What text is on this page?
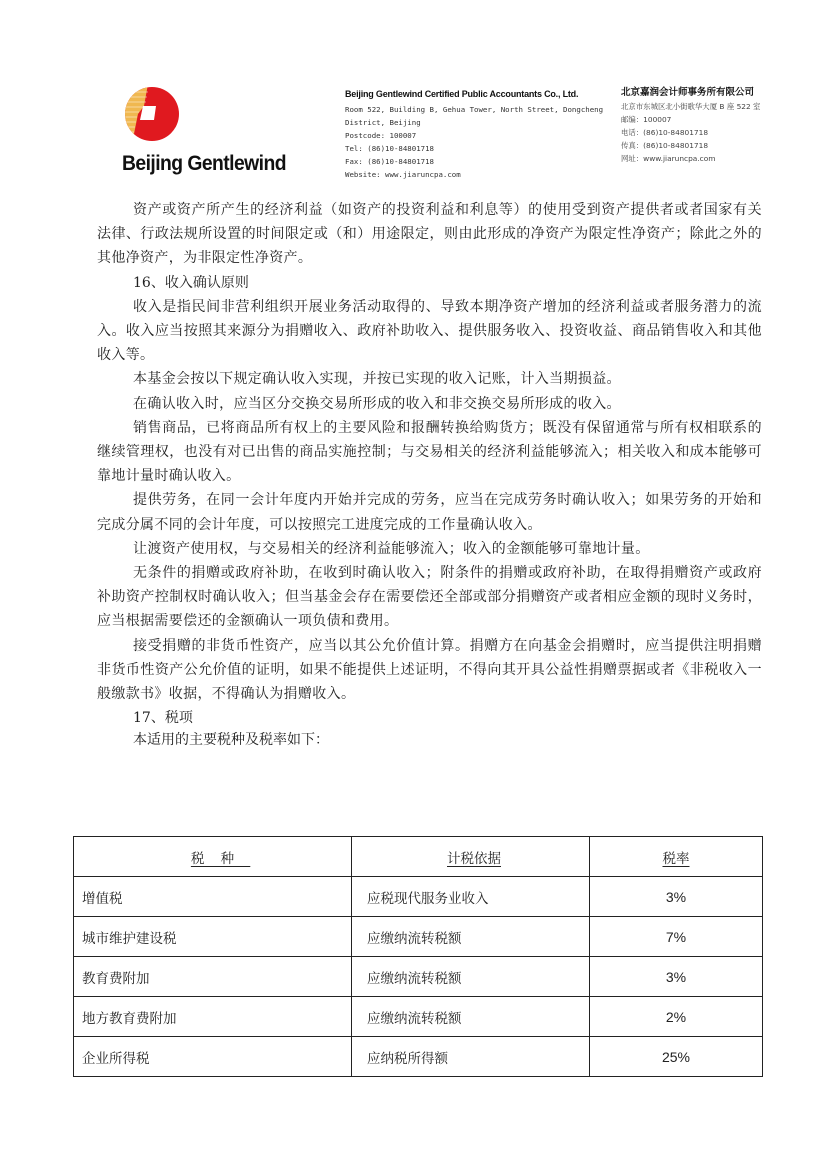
Beijing Gentlewind
Beijing Gentlewind Certified Public Accountants Co., Ltd.
Room 522, Building B, Gehua Tower, North Street, Dongcheng
District, Beijing
Postcode: 100007
Tel: (86)10-84801718
Fax: (86)10-84801718
Website: www.jiaruncpa.com
北京嘉润会计师事务所有限公司
北京市东城区北小街歌华大厦 B 座 522 室
邮编：100007
电话：(86)10-84801718
传真：(86)10-84801718
网址：www.jiaruncpa.com

资产或资产所产生的经济利益（如资产的投资利益和利息等）的使用受到资产提供者或者国家有关法律、行政法规所设置的时间限定或（和）用途限定，则由此形成的净资产为限定性净资产；除此之外的其他净资产，为非限定性净资产。

16、收入确认原则

收入是指民间非营利组织开展业务活动取得的、导致本期净资产增加的经济利益或者服务潜力的流入。收入应当按照其来源分为捐赠收入、政府补助收入、提供服务收入、投资收益、商品销售收入和其他收入等。

本基金会按以下规定确认收入实现，并按已实现的收入记账，计入当期损益。

在确认收入时，应当区分交换交易所形成的收入和非交换交易所形成的收入。

销售商品，已将商品所有权上的主要风险和报酬转换给购货方；既没有保留通常与所有权相联系的继续管理权，也没有对已出售的商品实施控制；与交易相关的经济利益能够流入；相关收入和成本能够可靠地计量时确认收入。

提供劳务，在同一会计年度内开始并完成的劳务，应当在完成劳务时确认收入；如果劳务的开始和完成分属不同的会计年度，可以按照完工进度完成的工作量确认收入。

让渡资产使用权，与交易相关的经济利益能够流入；收入的金额能够可靠地计量。

无条件的捐赠或政府补助，在收到时确认收入；附条件的捐赠或政府补助，在取得捐赠资产或政府补助资产控制权时确认收入；但当基金会存在需要偿还全部或部分捐赠资产或者相应金额的现时义务时，应当根据需要偿还的金额确认一项负债和费用。

接受捐赠的非货币性资产，应当以其公允价值计算。捐赠方在向基金会捐赠时，应当提供注明捐赠非货币性资产公允价值的证明，如果不能提供上述证明，不得向其开具公益性捐赠票据或者《非税收入一般缴款书》收据，不得确认为捐赠收入。

17、税项

本适用的主要税种及税率如下：

税种	计税依据	税率
增值税	应税现代服务业收入	3%
城市维护建设税	应缴纳流转税额	7%
教育费附加	应缴纳流转税额	3%
地方教育费附加	应缴纳流转税额	2%
企业所得税	应纳税所得额	25%
